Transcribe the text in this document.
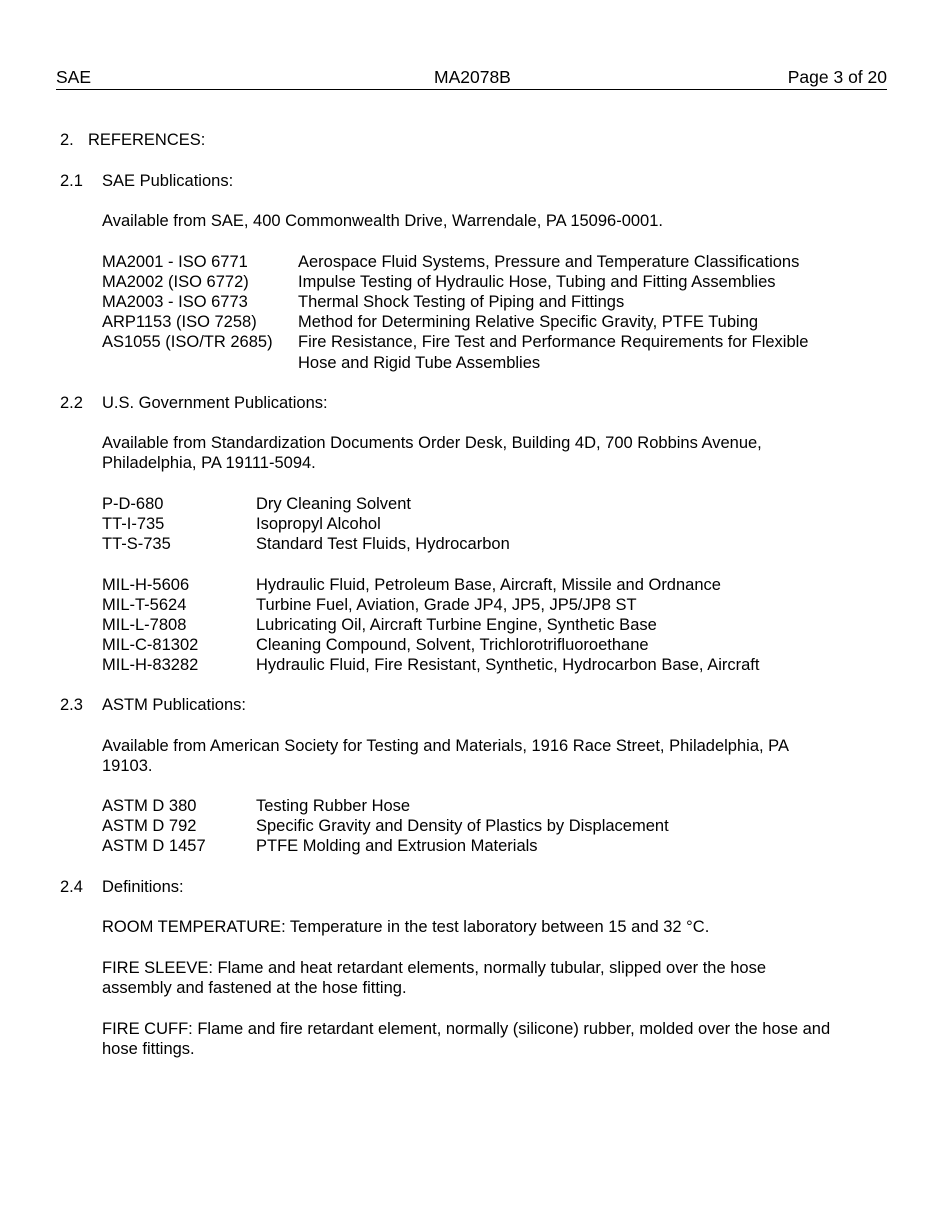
SAE	MA2078B	Page 3 of 20
2. REFERENCES:
2.1 SAE Publications:
Available from SAE, 400 Commonwealth Drive, Warrendale, PA 15096-0001.
MA2001 - ISO 6771	Aerospace Fluid Systems, Pressure and Temperature Classifications
MA2002 (ISO 6772)	Impulse Testing of Hydraulic Hose, Tubing and Fitting Assemblies
MA2003 - ISO 6773	Thermal Shock Testing of Piping and Fittings
ARP1153 (ISO 7258)	Method for Determining Relative Specific Gravity, PTFE Tubing
AS1055 (ISO/TR 2685) Fire Resistance, Fire Test and Performance Requirements for Flexible
Hose and Rigid Tube Assemblies
2.2 U.S. Government Publications:
Available from Standardization Documents Order Desk, Building 4D, 700 Robbins Avenue,
Philadelphia, PA 19111-5094.
P-D-680	Dry Cleaning Solvent
TT-I-735	Isopropyl Alcohol
TT-S-735	Standard Test Fluids, Hydrocarbon
MIL-H-5606	Hydraulic Fluid, Petroleum Base, Aircraft, Missile and Ordnance
MIL-T-5624	Turbine Fuel, Aviation, Grade JP4, JP5, JP5/JP8 ST
MIL-L-7808	Lubricating Oil, Aircraft Turbine Engine, Synthetic Base
MIL-C-81302	Cleaning Compound, Solvent, Trichlorotrifluoroethane
MIL-H-83282	Hydraulic Fluid, Fire Resistant, Synthetic, Hydrocarbon Base, Aircraft
2.3 ASTM Publications:
Available from American Society for Testing and Materials, 1916 Race Street, Philadelphia, PA
19103.
ASTM D 380	Testing Rubber Hose
ASTM D 792	Specific Gravity and Density of Plastics by Displacement
ASTM D 1457	PTFE Molding and Extrusion Materials
2.4 Definitions:
ROOM TEMPERATURE: Temperature in the test laboratory between 15 and 32 °C.
FIRE SLEEVE: Flame and heat retardant elements, normally tubular, slipped over the hose
assembly and fastened at the hose fitting.
FIRE CUFF: Flame and fire retardant element, normally (silicone) rubber, molded over the hose and
hose fittings.
